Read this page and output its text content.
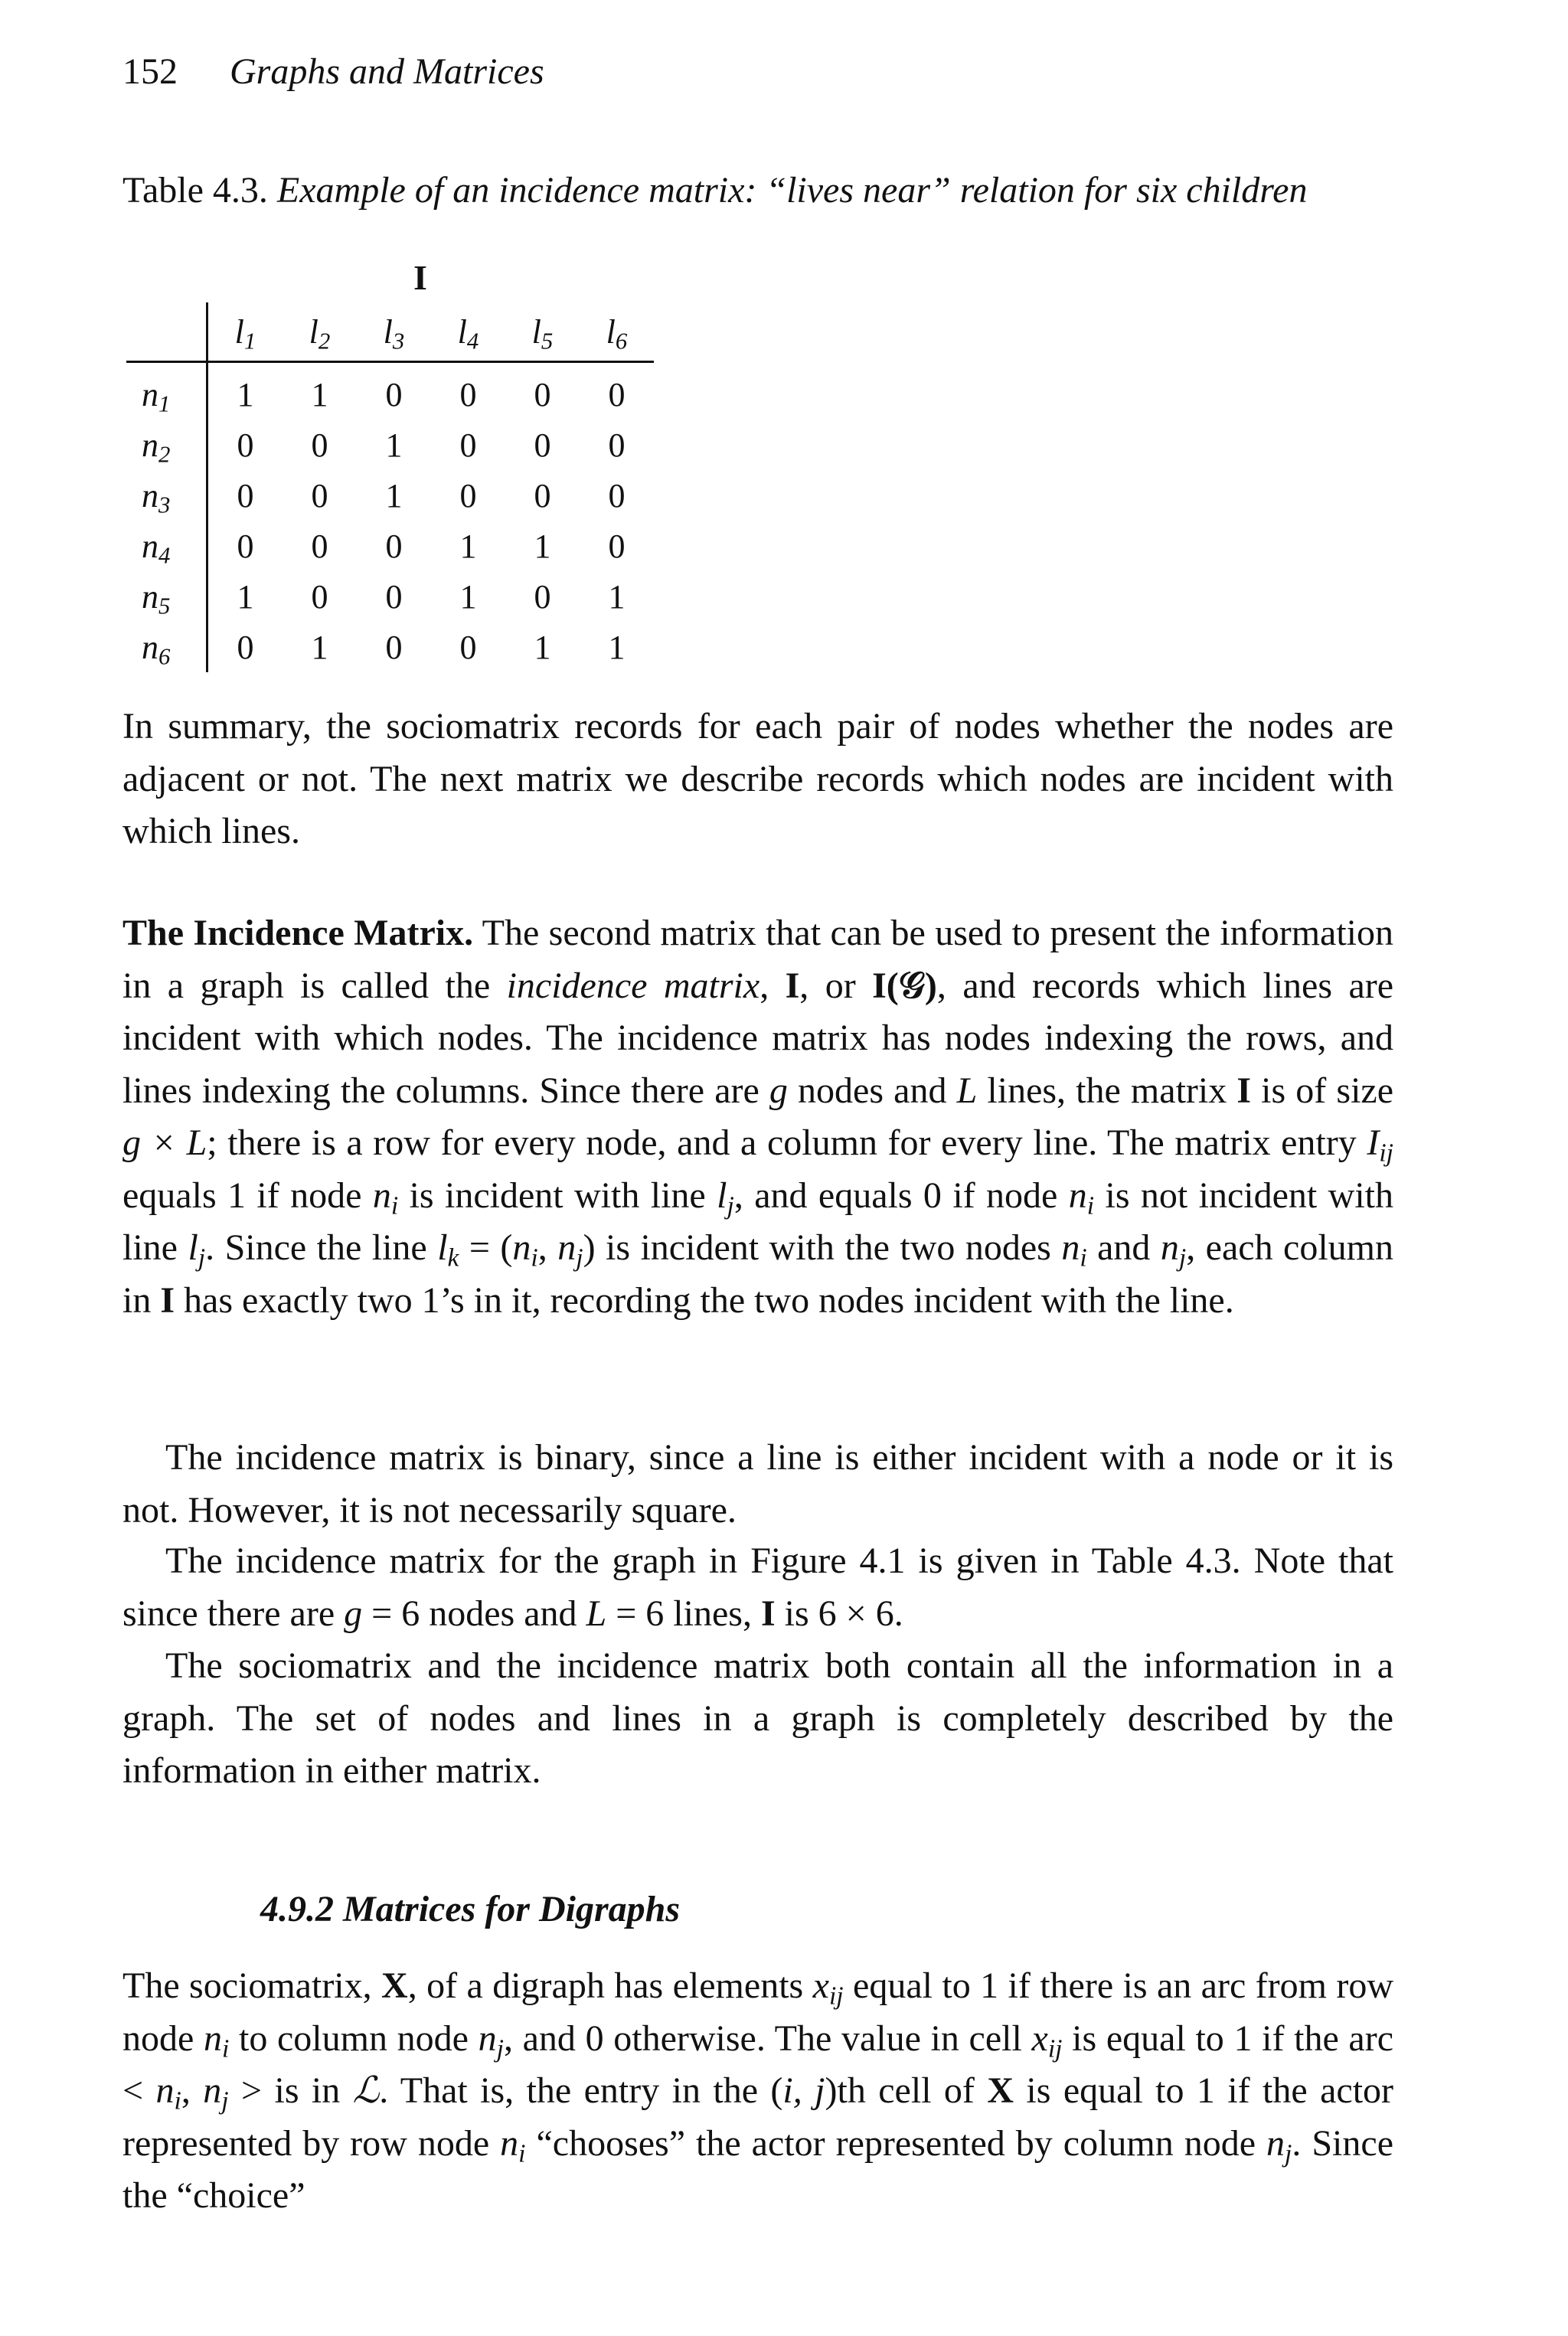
152 Graphs and Matrices
Table 4.3. Example of an incidence matrix: “lives near” relation for six children
I
	$l_1$	$l_2$	$l_3$	$l_4$	$l_5$	$l_6$
$n_1$	1	1	0	0	0	0
$n_2$	0	0	1	0	0	0
$n_3$	0	0	1	0	0	0
$n_4$	0	0	0	1	1	0
$n_5$	1	0	0	1	0	1
$n_6$	0	1	0	0	1	1

In summary, the sociomatrix records for each pair of nodes whether the nodes are adjacent or not. The next matrix we describe records which nodes are incident with which lines.

The Incidence Matrix. The second matrix that can be used to present the information in a graph is called the incidence matrix, I, or I(𝒢), and records which lines are incident with which nodes. The incidence matrix has nodes indexing the rows, and lines indexing the columns. Since there are g nodes and L lines, the matrix I is of size g × L; there is a row for every node, and a column for every line. The matrix entry $I_{ij}$ equals 1 if node $n_i$ is incident with line $l_j$, and equals 0 if node $n_i$ is not incident with line $l_j$. Since the line $l_k = (n_i$, $n_j$) is incident with the two nodes $n_i$ and $n_j$, each column in I has exactly two 1’s in it, recording the two nodes incident with the line.

The incidence matrix is binary, since a line is either incident with a node or it is not. However, it is not necessarily square.

The incidence matrix for the graph in Figure 4.1 is given in Table 4.3. Note that since there are g = 6 nodes and L = 6 lines, I is 6 × 6.

The sociomatrix and the incidence matrix both contain all the information in a graph. The set of nodes and lines in a graph is completely described by the information in either matrix.

4.9.2 Matrices for Digraphs

The sociomatrix, X, of a digraph has elements $x_{ij}$ equal to 1 if there is an arc from row node $n_i$ to column node $n_j$, and 0 otherwise. The value in cell $x_{ij}$ is equal to 1 if the arc < $n_i$, $n_j$ > is in ℒ. That is, the entry in the (i, j)th cell of X is equal to 1 if the actor represented by row node $n_i$ “chooses” the actor represented by column node $n_j$. Since the “choice”
